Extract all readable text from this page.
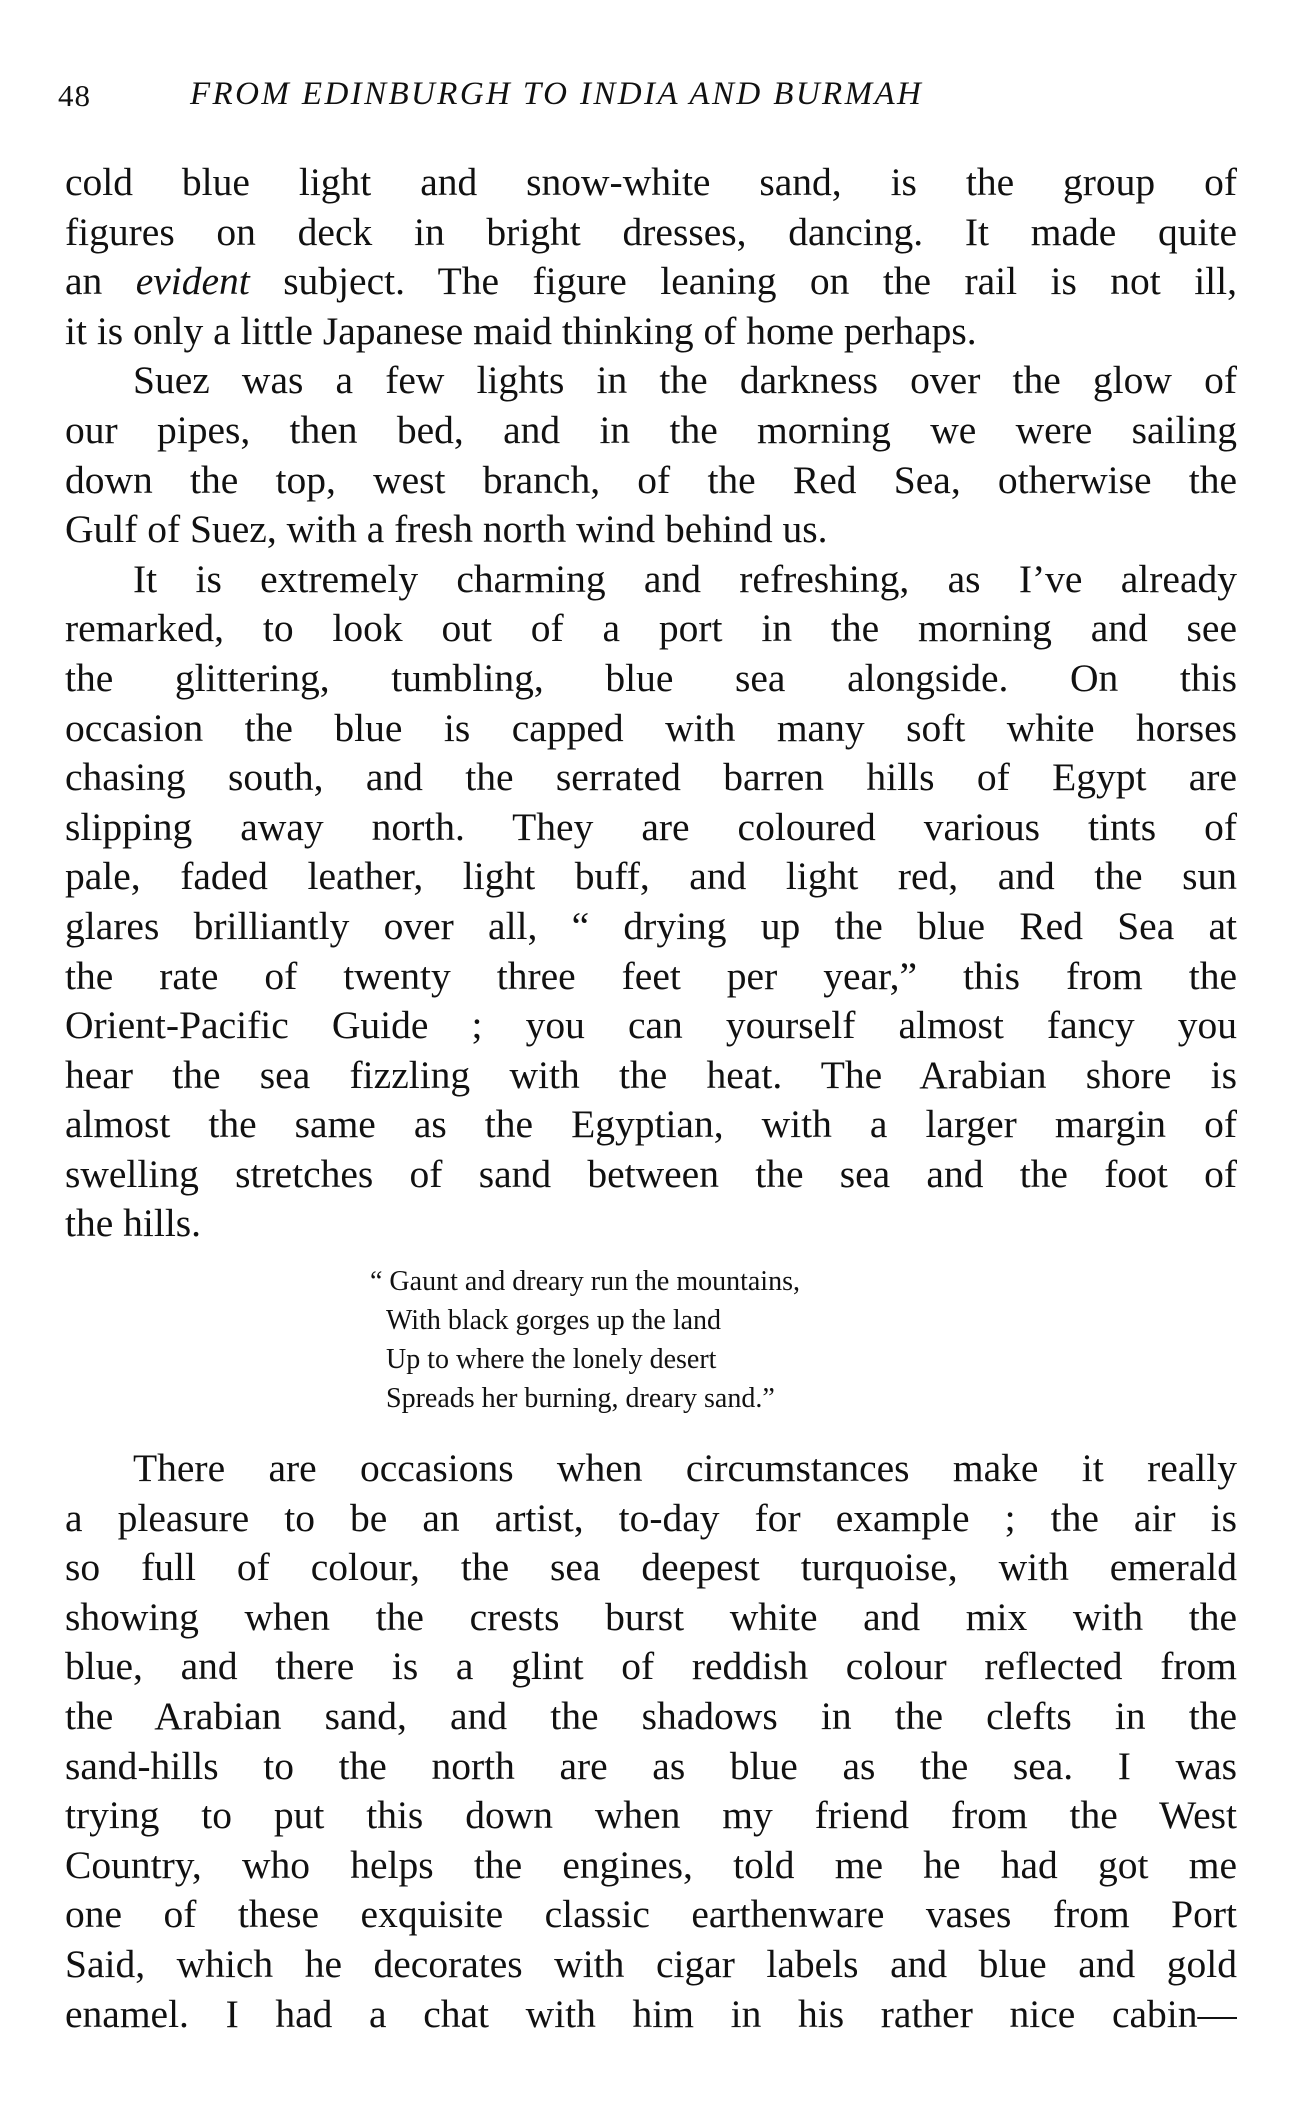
48	FROM EDINBURGH TO INDIA AND BURMAH
cold blue light and snow-white sand, is the group of
figures on deck in bright dresses, dancing. It made quite
an evident subject. The figure leaning on the rail is not ill,
it is only a little Japanese maid thinking of home perhaps.
Suez was a few lights in the darkness over the glow of
our pipes, then bed, and in the morning we were sailing
down the top, west branch, of the Red Sea, otherwise the
Gulf of Suez, with a fresh north wind behind us.
It is extremely charming and refreshing, as I’ve already
remarked, to look out of a port in the morning and see
the glittering, tumbling, blue sea alongside. On this
occasion the blue is capped with many soft white horses
chasing south, and the serrated barren hills of Egypt are
slipping away north. They are coloured various tints of
pale, faded leather, light buff, and light red, and the sun
glares brilliantly over all, “ drying up the blue Red Sea at
the rate of twenty three feet per year,” this from the
Orient-Pacific Guide ; you can yourself almost fancy you
hear the sea fizzling with the heat. The Arabian shore is
almost the same as the Egyptian, with a larger margin of
swelling stretches of sand between the sea and the foot of
the hills.
“ Gaunt and dreary run the mountains,
With black gorges up the land
Up to where the lonely desert
Spreads her burning, dreary sand.”
There are occasions when circumstances make it really
a pleasure to be an artist, to-day for example ; the air is
so full of colour, the sea deepest turquoise, with emerald
showing when the crests burst white and mix with the
blue, and there is a glint of reddish colour reflected from
the Arabian sand, and the shadows in the clefts in the
sand-hills to the north are as blue as the sea. I was
trying to put this down when my friend from the West
Country, who helps the engines, told me he had got me
one of these exquisite classic earthenware vases from Port
Said, which he decorates with cigar labels and blue and gold
enamel. I had a chat with him in his rather nice cabin—
